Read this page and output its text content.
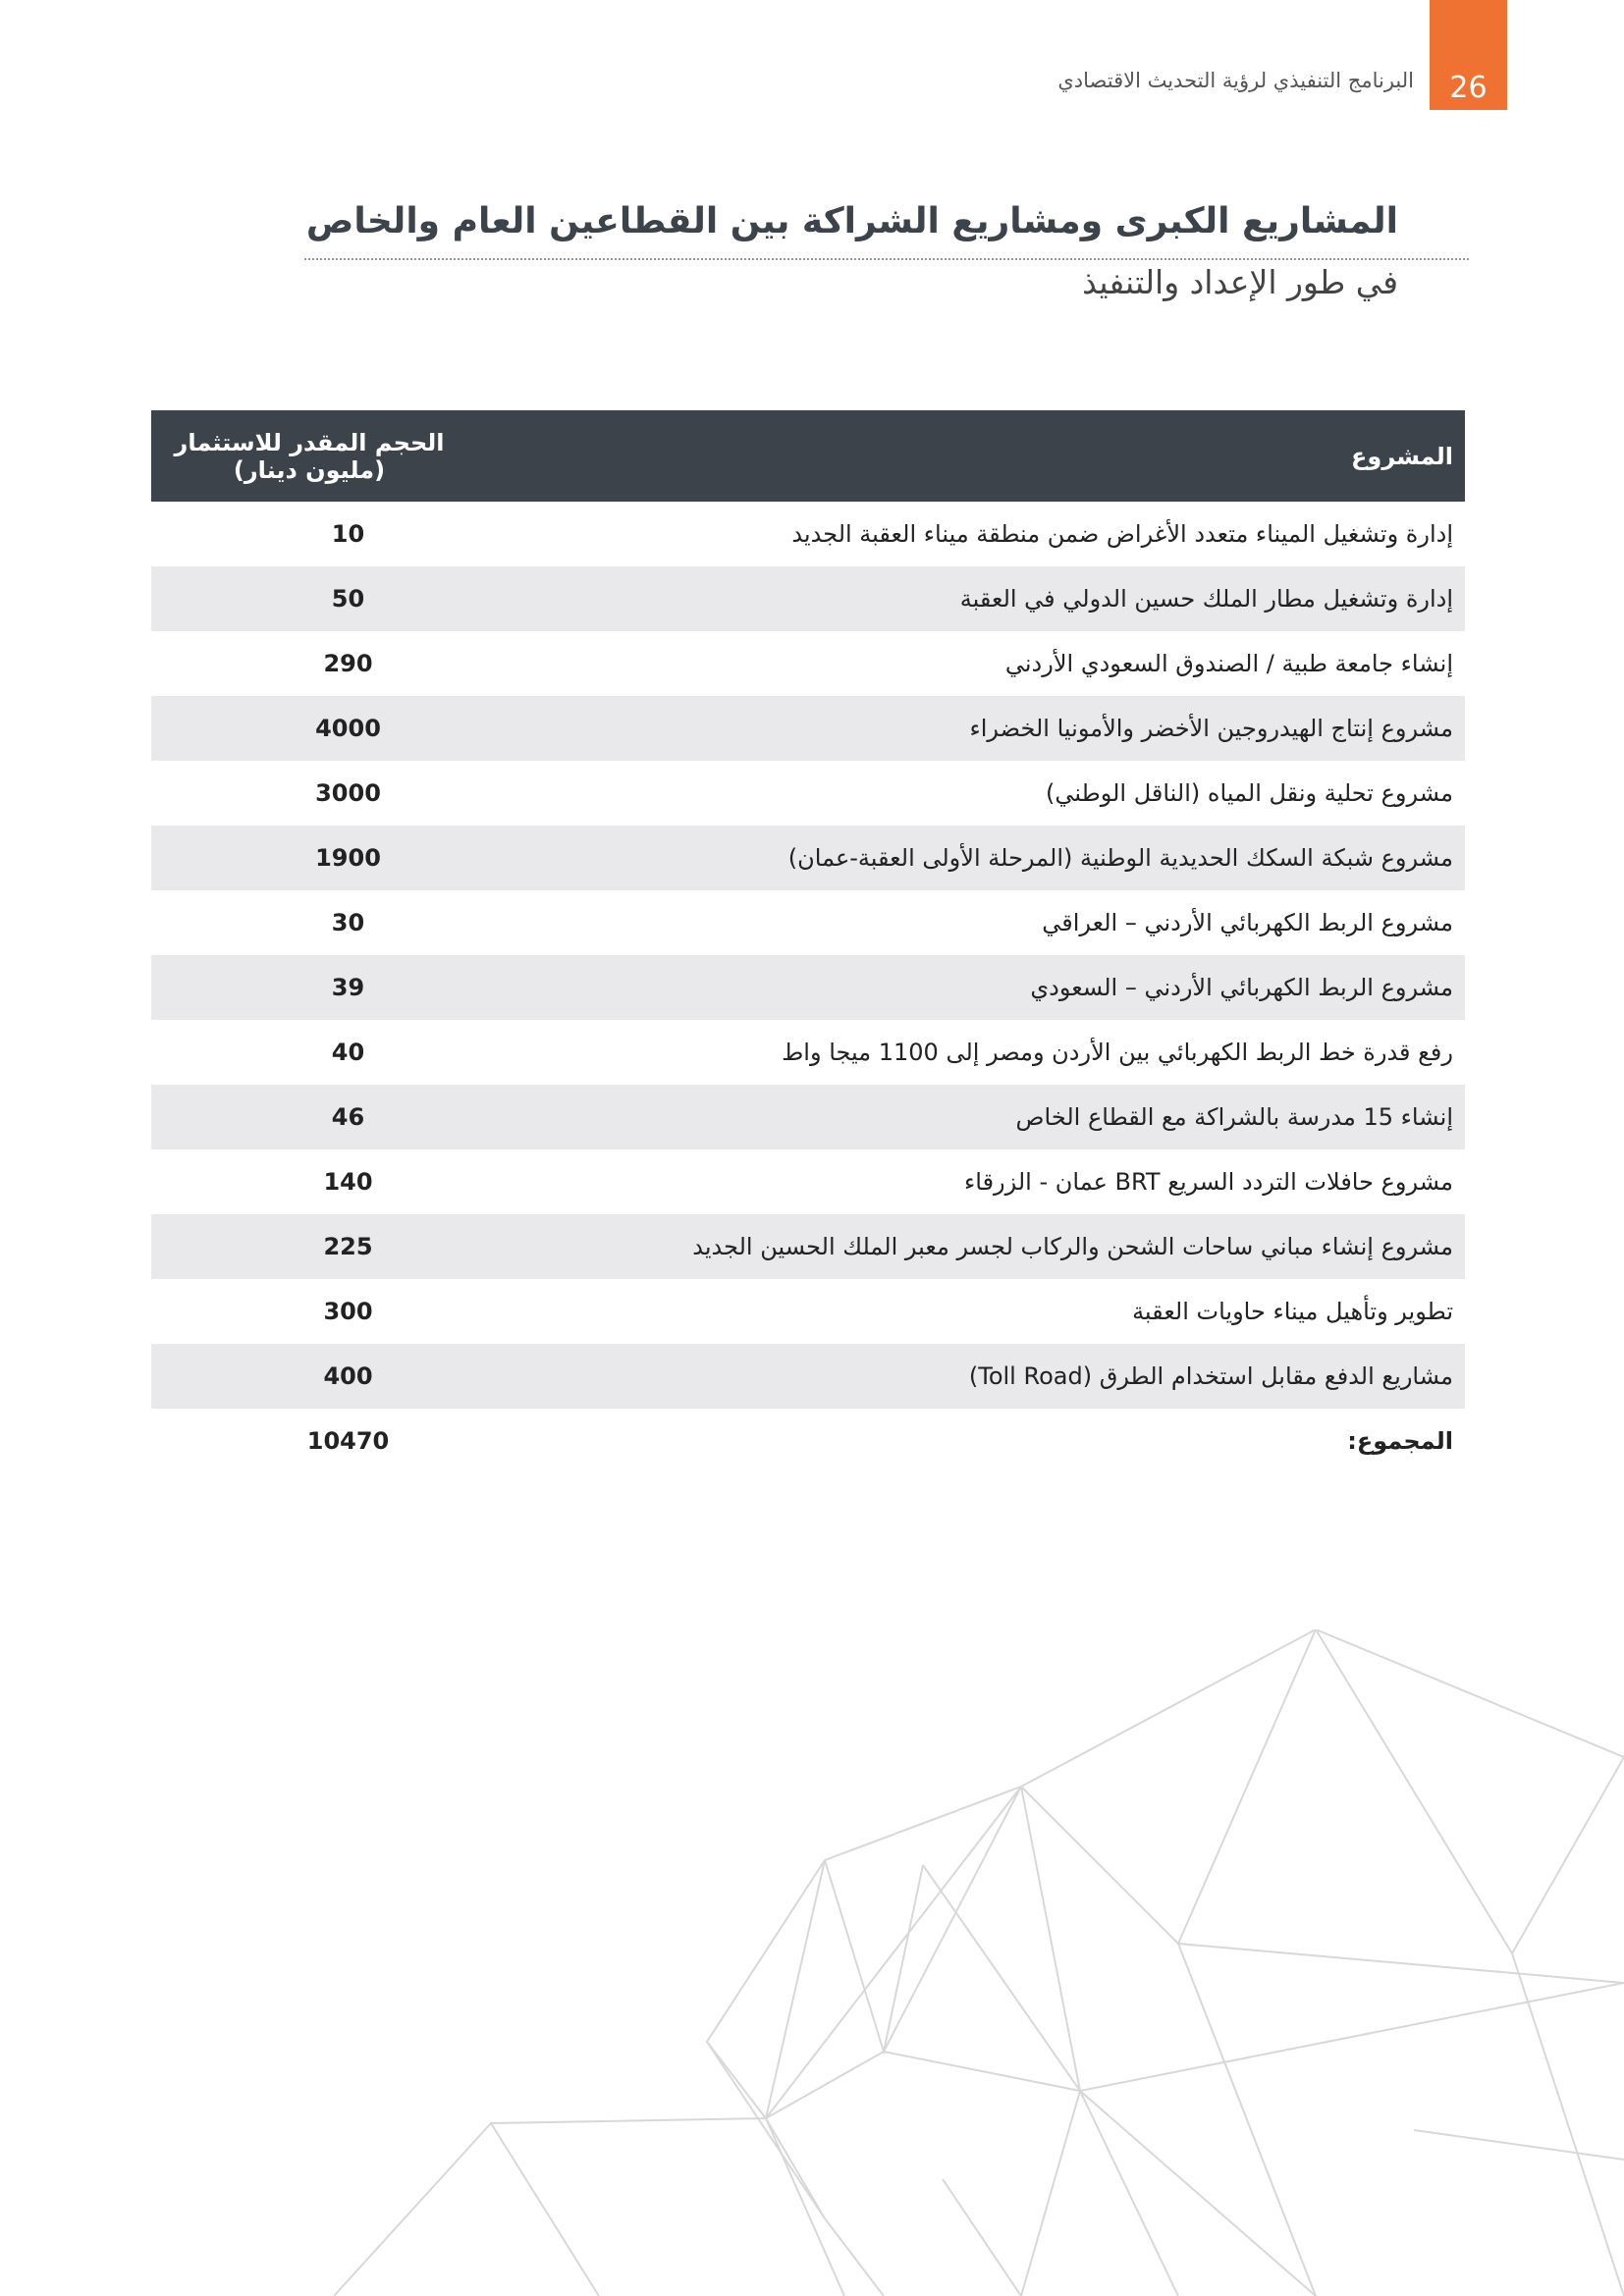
26
البرنامج التنفيذي لرؤية التحديث الاقتصادي
المشاريع الكبرى ومشاريع الشراكة بين القطاعين العام والخاص
في طور الإعداد والتنفيذ
المشروع	الحجم المقدر للاستثمار (مليون دينار)
إدارة وتشغيل الميناء متعدد الأغراض ضمن منطقة ميناء العقبة الجديد	10
إدارة وتشغيل مطار الملك حسين الدولي في العقبة	50
إنشاء جامعة طبية / الصندوق السعودي الأردني	290
مشروع إنتاج الهيدروجين الأخضر والأمونيا الخضراء	4000
مشروع تحلية ونقل المياه (الناقل الوطني)	3000
مشروع شبكة السكك الحديدية الوطنية (المرحلة الأولى العقبة-عمان)	1900
مشروع الربط الكهربائي الأردني – العراقي	30
مشروع الربط الكهربائي الأردني – السعودي	39
رفع قدرة خط الربط الكهربائي بين الأردن ومصر إلى 1100 ميجا واط	40
إنشاء 15 مدرسة بالشراكة مع القطاع الخاص	46
مشروع حافلات التردد السريع BRT عمان - الزرقاء	140
مشروع إنشاء مباني ساحات الشحن والركاب لجسر معبر الملك الحسين الجديد	225
تطوير وتأهيل ميناء حاويات العقبة	300
مشاريع الدفع مقابل استخدام الطرق (Toll Road)	400
المجموع:	10470
